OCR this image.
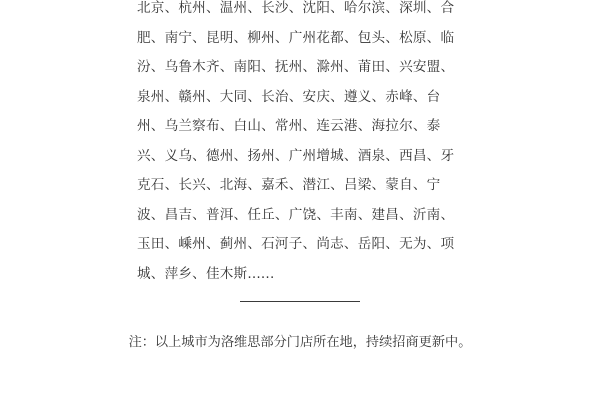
北京、杭州、温州、长沙、沈阳、哈尔滨、深圳、合
肥、南宁、昆明、柳州、广州花都、包头、松原、临
汾、乌鲁木齐、南阳、抚州、滁州、莆田、兴安盟、
泉州、赣州、大同、长治、安庆、遵义、赤峰、台
州、乌兰察布、白山、常州、连云港、海拉尔、泰
兴、义乌、德州、扬州、广州增城、酒泉、西昌、牙
克石、长兴、北海、嘉禾、潜江、吕梁、蒙自、宁
波、昌吉、普洱、任丘、广饶、丰南、建昌、沂南、
玉田、嵊州、蓟州、石河子、尚志、岳阳、无为、项
城、萍乡、佳木斯......
注：以上城市为洛维思部分门店所在地，持续招商更新中。
